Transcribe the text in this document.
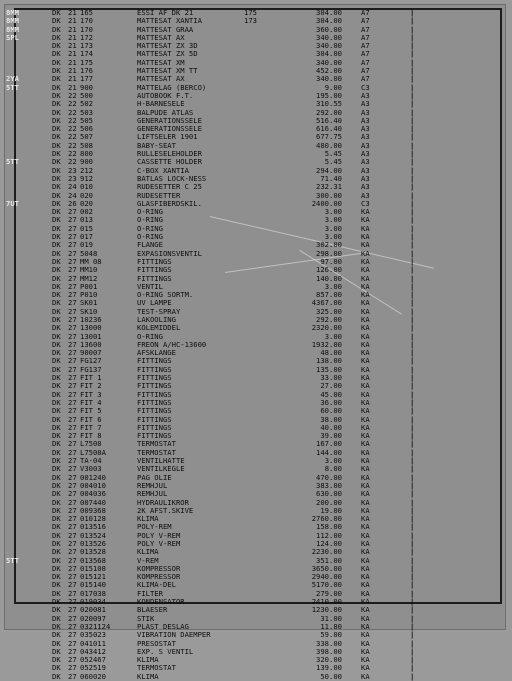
8MM	DK	21 165	ESSI AF DK 21	175	304.00	A7	|
8MM	DK	21 170	MATTESAT XANTIA	173	304.00	A7	|
8MM	DK	21 170	MATTESAT GRAA	360.00	A7	|
SPL	DK	21 172	MATTESAT AX	340.00	A7	|
DK	21 173	MATTESAT ZX 3D	340.00	A7	|
DK	21 174	MATTESAT ZX 5D	304.00	A7	|
DK	21 175	MATTESAT XM	340.00	A7	|
DK	21 176	MATTESAT XM TT	452.00	A7	|
2YA	DK	21 177	MATTESAT AX	340.00	A7	|
5TT	DK	21 900	MATTELAG (BERCO)	9.00	C3	|
DK	22 500	AUTOBOOK F.T.	195.00	A3	|
DK	22 502	H-BARNESELE	310.55	A3	|
DK	22 503	BALPUDE ATLAS	292.00	A3	|
DK	22 505	GENERATIONSSELE	516.40	A3	|
DK	22 506	GENERATIONSSELE	616.40	A3	|
DK	22 507	LIFTSELER 1901	677.75	A3	|
DK	22 508	BABY-SEAT	480.00	A3	|
DK	22 800	RULLESELEHOLDER	5.45	A3	|
5TT	DK	22 900	CASSETTE HOLDER	5.45	A3	|
DK	23 212	C-BOX XANTIA	294.00	A3	|
DK	23 912	BATLAS LOCK-NESS	71.40	A3	|
DK	24 010	RUDESETTER C 25	232.31	A3	|
DK	24 020	RUDESETTER	300.00	A3	|
7UT	DK	26 020	GLASFIBERDSKIL.	2400.00	C3	|
DK	27 002	O-RING	3.00	KA	|
DK	27 013	O-RING	3.00	KA	|
DK	27 015	O-RING	3.00	KA	|
DK	27 017	O-RING	3.00	KA	|
DK	27 019	FLANGE	302.00	KA	|
DK	27 5048	EXPASIONSVENTIL	298.00	KA	|
DK	27 MM 08	FITTINGS	97.00	KA	|
DK	27 MM10	FITTINGS	126.00	KA	|
DK	27 MM12	FITTINGS	140.00	KA	|
DK	27 P001	VENTIL	3.00	KA	|
DK	27 P010	O-RING SORTM.	857.00	KA	|
DK	27 SK01	UV LAMPE	4367.00	KA	|
DK	27 SK10	TEST-SPRAY	325.00	KA	|
DK	27 10236	LAKOOLING	292.00	KA	|
DK	27 13000	KOLEMIDDEL	2320.00	KA	|
DK	27 13001	O-RING	3.00	KA	|
DK	27 13600	FREON A/HC-13600	1932.00	KA	|
DK	27 90007	AFSKLANGE	48.00	KA	|
DK	27 FG127	FITTINGS	138.00	KA	|
DK	27 FG137	FITTINGS	135.00	KA	|
DK	27 FIT 1	FITTINGS	33.00	KA	|
DK	27 FIT 2	FITTINGS	27.00	KA	|
DK	27 FIT 3	FITTINGS	45.00	KA	|
DK	27 FIT 4	FITTINGS	36.00	KA	|
DK	27 FIT 5	FITTINGS	60.00	KA	|
DK	27 FIT 6	FITTINGS	38.00	KA	|
DK	27 FIT 7	FITTINGS	40.00	KA	|
DK	27 FIT 8	FITTINGS	39.00	KA	|
DK	27 L7508	TERMOSTAT	167.00	KA	|
DK	27 L7508A	TERMOSTAT	144.00	KA	|
DK	27 TA-04	VENTILHATTE	3.00	KA	|
DK	27 V3003	VENTILKEGLE	8.00	KA	|
DK	27 001240	PAG OLIE	470.00	KA	|
DK	27 004010	REMHJUL	383.00	KA	|
DK	27 004036	REMHJUL	630.00	KA	|
DK	27 007440	HYDRAULIKROR	200.00	KA	|
DK	27 009368	2K AFST.SKIVE	19.00	KA	|
DK	27 010128	KLIMA	2760.00	KA	|
DK	27 013516	POLY-REM	158.00	KA	|
DK	27 013524	POLY V-REM	112.00	KA	|
DK	27 013526	POLY V-REM	124.00	KA	|
DK	27 013528	KLIMA	2230.00	KA	|
5TT	DK	27 013568	V-REM	351.00	KA	|
DK	27 015108	KOMPRESSOR	3650.00	KA	|
DK	27 015121	KOMPRESSOR	2940.00	KA	|
DK	27 015140	KLIMA-DEL	5170.00	KA	|
DK	27 017038	FILTER	279.00	KA	|
DK	27 019034	KONDENSATOR	2410.00	KA	|
DK	27 020081	BLAESER	1230.00	KA	|
DK	27 020097	STIK	31.00	KA	|
DK	27 0321124	PLAST DESLAG	11.80	KA	|
DK	27 035023	VIBRATION DAEMPER	59.00	KA	|
DK	27 041011	PRESOSTAT	338.00	KA	|
DK	27 043412	EXP. S VENTIL	398.00	KA	|
DK	27 052467	KLIMA	320.00	KA	|
DK	27 052519	TERMOSTAT	139.00	KA	|
DK	27 060020	KLIMA	50.00	KA	|
